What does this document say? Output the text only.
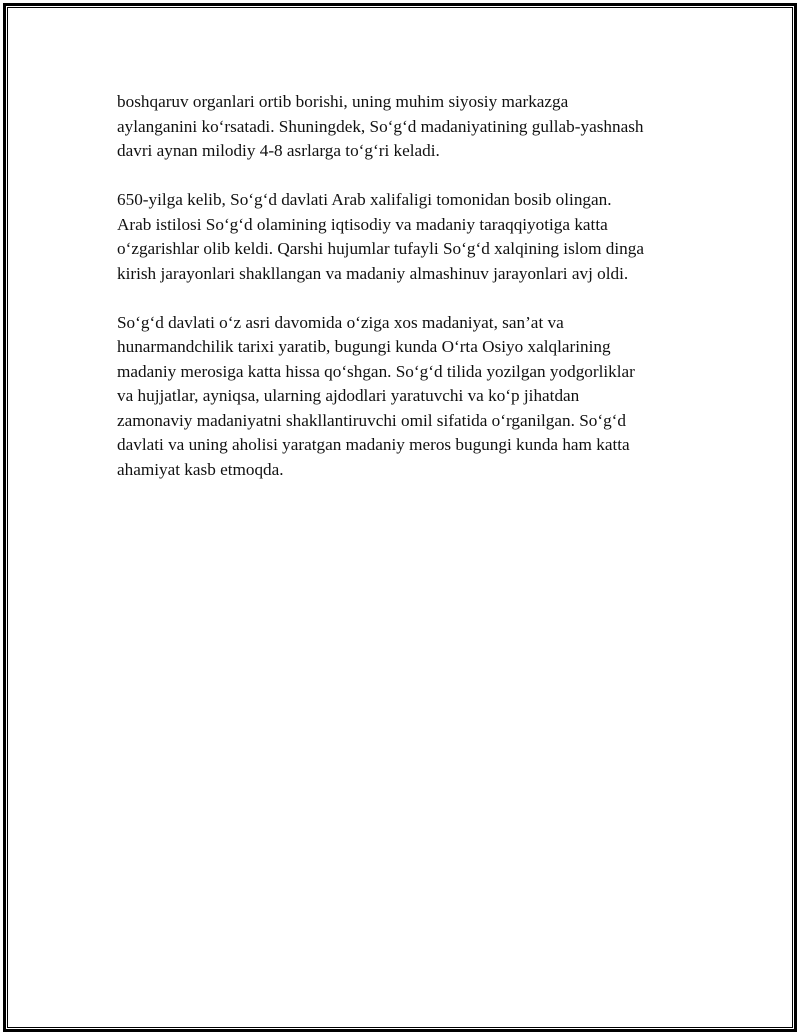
boshqaruv organlari ortib borishi, uning muhim siyosiy markazga
aylanganini ko‘rsatadi. Shuningdek, So‘g‘d madaniyatining gullab-yashnash
davri aynan milodiy 4-8 asrlarga to‘g‘ri keladi.

650-yilga kelib, So‘g‘d davlati Arab xalifaligi tomonidan bosib olingan.
Arab istilosi So‘g‘d olamining iqtisodiy va madaniy taraqqiyotiga katta
o‘zgarishlar olib keldi. Qarshi hujumlar tufayli So‘g‘d xalqining islom dinga
kirish jarayonlari shakllangan va madaniy almashinuv jarayonlari avj oldi.

So‘g‘d davlati o‘z asri davomida o‘ziga xos madaniyat, san’at va
hunarmandchilik tarixi yaratib, bugungi kunda O‘rta Osiyo xalqlarining
madaniy merosiga katta hissa qo‘shgan. So‘g‘d tilida yozilgan yodgorliklar
va hujjatlar, ayniqsa, ularning ajdodlari yaratuvchi va ko‘p jihatdan
zamonaviy madaniyatni shakllantiruvchi omil sifatida o‘rganilgan. So‘g‘d
davlati va uning aholisi yaratgan madaniy meros bugungi kunda ham katta
ahamiyat kasb etmoqda.
